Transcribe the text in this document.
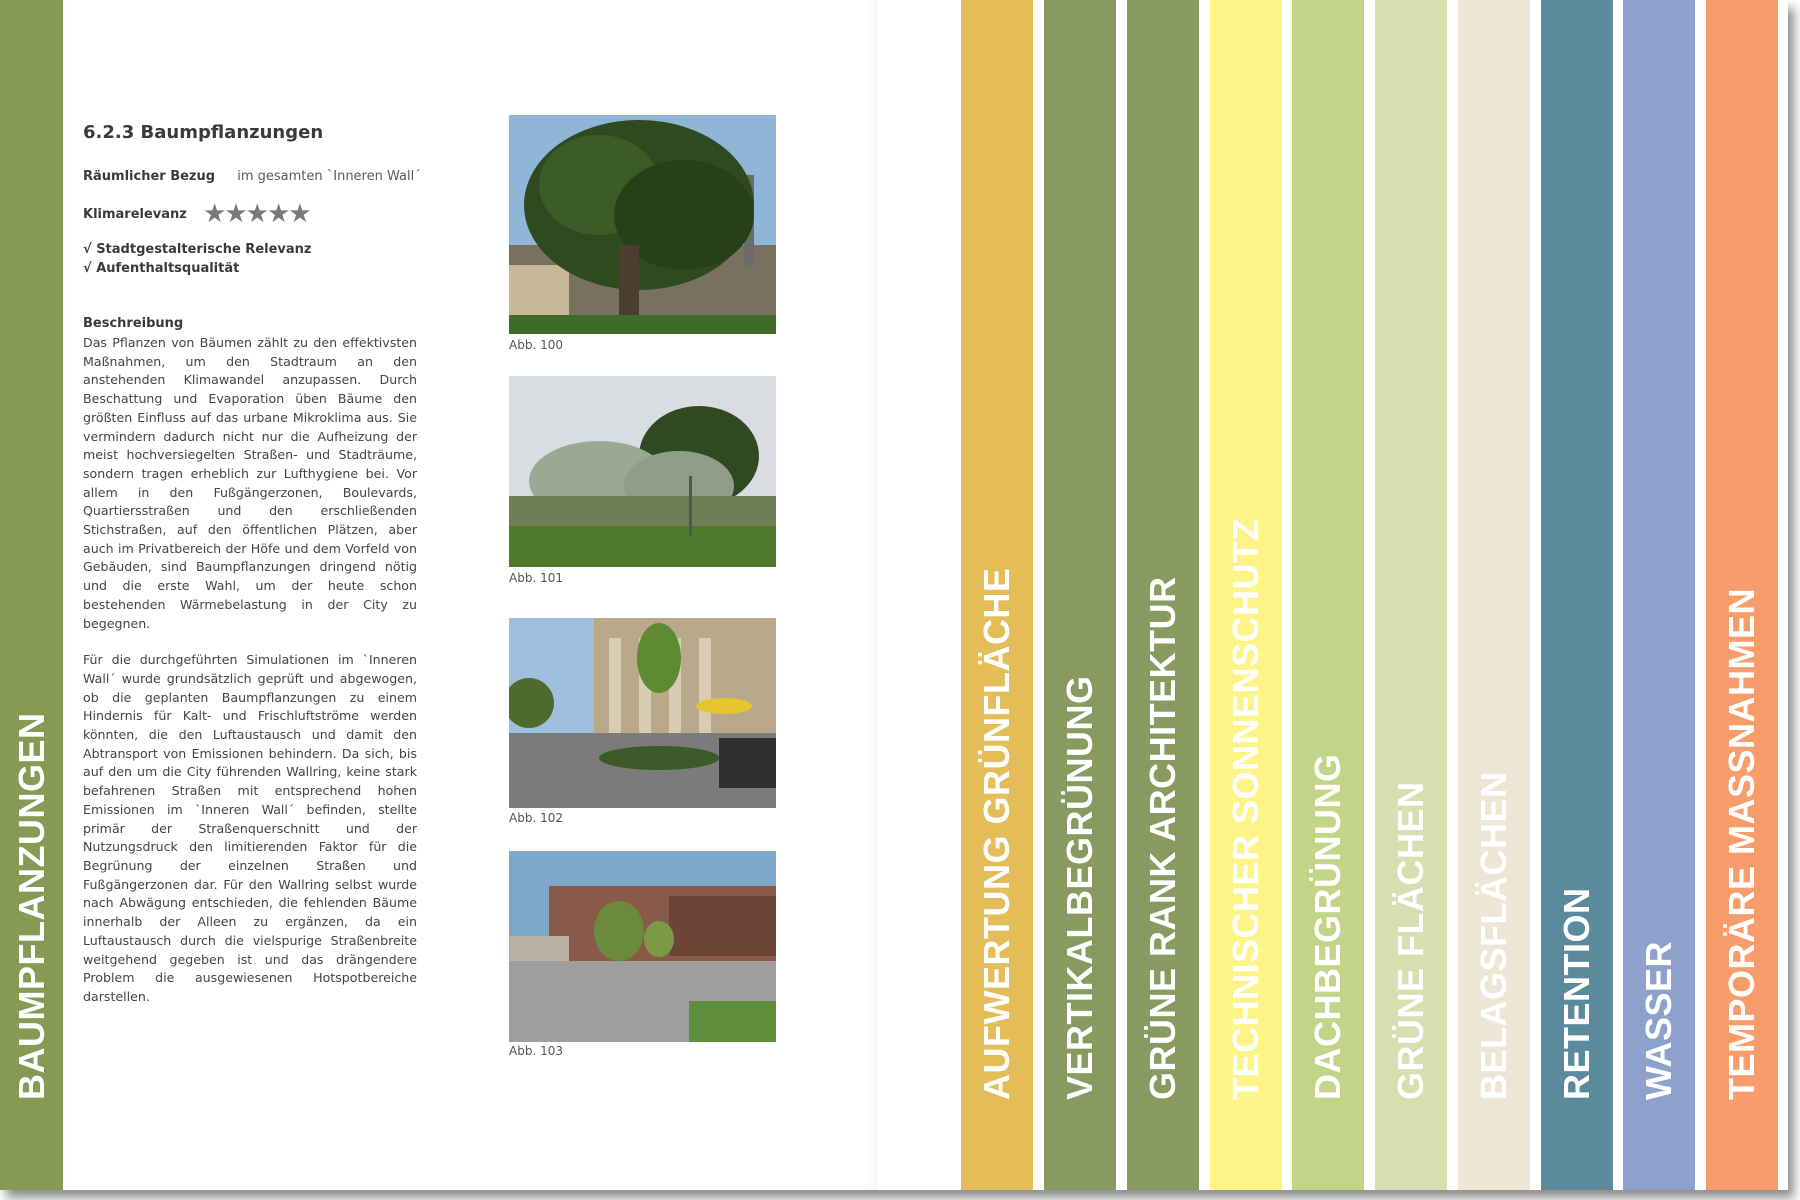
BAUMPFLANZUNGEN
6.2.3 Baumpflanzungen
Räumlicher Bezug im gesamten `Inneren Wall´
Klimarelevanz ★★★★★
√ Stadtgestalterische Relevanz
√ Aufenthaltsqualität
Beschreibung

Das Pflanzen von Bäumen zählt zu den effektivsten Maßnahmen, um den Stadtraum an den anstehenden Klimawandel anzupassen. Durch Beschattung und Evaporation üben Bäume den größten Einfluss auf das urbane Mikroklima aus. Sie vermindern dadurch nicht nur die Aufheizung der meist hochversiegelten Straßen- und Stadträume, sondern tragen erheblich zur Lufthygiene bei. Vor allem in den Fußgängerzonen, Boulevards, Quartiersstraßen und den erschließenden Stichstraßen, auf den öffentlichen Plätzen, aber auch im Privatbereich der Höfe und dem Vorfeld von Gebäuden, sind Baumpflanzungen dringend nötig und die erste Wahl, um der heute schon bestehenden Wärmebelastung in der City zu begegnen.

Für die durchgeführten Simulationen im `Inneren Wall´ wurde grundsätzlich geprüft und abgewogen, ob die geplanten Baumpflanzungen zu einem Hindernis für Kalt- und Frischluftströme werden könnten, die den Luftaustausch und damit den Abtransport von Emissionen behindern. Da sich, bis auf den um die City führenden Wallring, keine stark befahrenen Straßen mit entsprechend hohen Emissionen im `Inneren Wall´ befinden, stellte primär der Straßenquerschnitt und der Nutzungsdruck den limitierenden Faktor für die Begrünung der einzelnen Straßen und Fußgängerzonen dar. Für den Wallring selbst wurde nach Abwägung entschieden, die fehlenden Bäume innerhalb der Alleen zu ergänzen, da ein Luftaustausch durch die vielspurige Straßenbreite weitgehend gegeben ist und das drängendere Problem die ausgewiesenen Hotspotbereiche darstellen.

Abb. 100
Abb. 101
Abb. 102
Abb. 103	AUFWERTUNG GRÜNFLÄCHE VERTIKALBEGRÜNUNG GRÜNE RANK ARCHITEKTUR TECHNISCHER SONNENSCHUTZ DACHBEGRÜNUNG GRÜNE FLÄCHEN BELAGSFLÄCHEN RETENTION WASSER TEMPORÄRE MASSNAHMEN
